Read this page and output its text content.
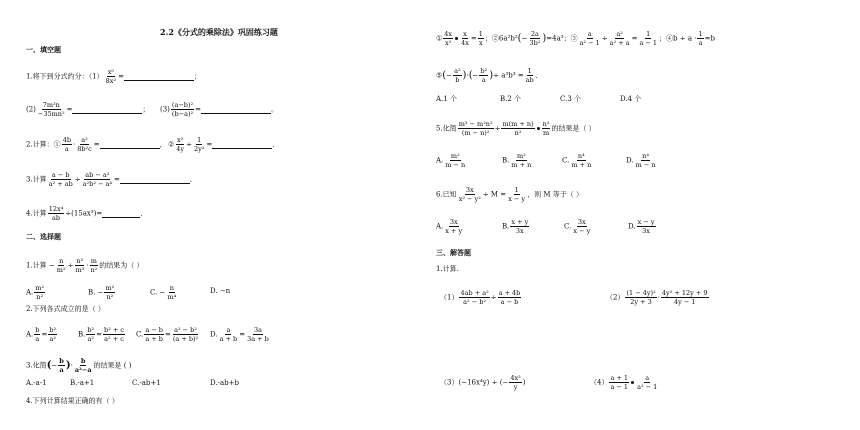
2.2《分式的乘除法》巩固练习题
一、填空题
1.将下到分式约分：$(1) \frac{\text{x⁵}}{\text{8x²}}$ =	；
$(2) \frac{\text{7m²n}}{\text{−35mn²}}$ =	； $(3) \frac{\text{(a−b)²}}{\text{(b−a)²}}$ =	。
2.计算：① $\frac{4b}{a} \cdot \frac{\text{a²}}{\text{8b²c}}$ =	， ② $\frac{\text{x²}}{4y} \div \frac{1}{\text{2y²}}$ =	．
3.计算 $\frac{a - b}{\text{a² + ab}} \div \frac{\text{ab − a²}}{\text{a²b² − a⁴}}$ =	．
4.计算 $\frac{\text{12x⁴}}{ab} \div(15ax^3)=$	．
二、选择题
1.计算 − $\frac{n}{\text{m²}} \div \frac{\text{n²}}{\text{m³}} \cdot \frac{m}{\text{n²}}$ 的结果为（ ）
A. $\frac{\text{m²}}{\text{n²}}$	B. − $\frac{\text{m²}}{\text{n²}}$	C. − $\frac{n}{\text{m⁴}}$	D. −n
2.下列各式成立的是（ ）
A. $\frac{b}{a} = \frac{\text{b²}}{\text{a²}}$	B. $\frac{\text{b²}}{\text{a²}} = \frac{\text{b² + c}}{\text{a² + c}} C$. $\frac{a - b}{a + b} = \frac{\text{a² − b²}}{\text{(a + b)²}} D$. $\frac{a}{a + b} = \frac{3a}{3a + b}$
3.化简(− $\frac{b}{a}$ )· $\frac{b}{\text{a²−a}}$ 的结果是 ( )
A.-a-1	B.-a+1	C.-ab+1	D.-ab+b
4.下列计算结果正确的有（ ）
① $\frac{4x}{\text{x²}} \frac{x}{4x} = \frac{1}{x}$ ；②6a²b²(− $\frac{2a}{\text{3b²}} )=4a^3$；③ $\frac{a}{\text{a² − 1}} \div \frac{\text{a²}}{\text{a² + a}} = \frac{1}{a - 1}$ ；④b ÷ $a \cdot \frac{1}{a} =b$
⑤(− $\frac{\text{a²}}{b}$ )·(− $\frac{\text{b²}}{a}$ )÷ $a^3b^3 = \frac{1}{ab}$ ．
A.1 个	B.2 个	C.3 个	D.4 个
5.化简 $\frac{\text{m³ − m²n²}}{\text{(m − n)²}} \div \frac{m(m + n)}{\text{n²}} \frac{\text{n²}}{m}$ 的结果是（ ）
A. $\frac{\text{m²}}{m - n}$	B. $\frac{\text{m²}}{m + n}$	C. $\frac{\text{n⁴}}{m + n}$	D. $\frac{\text{n⁴}}{m - n}$
6.已知 $\frac{3x}{\text{x² − y²}} \div M = \frac{1}{x - y}$ ，则 M 等于（ ）
A. $\frac{3x}{x + y}$	B. $\frac{x + y}{3x}$	C. $\frac{3x}{x - y}$	D. $\frac{x - y}{3x}$
三、解答题
1.计算.
$(1) \frac{\text{4ab + a²}}{\text{a² − b²}} \div \frac{a + 4b}{a - b}$	$(2) \frac{\text{(1 − 4y)²}}{2y + 3} \cdot \frac{\text{4y² + 12y + 9}}{4y - 1}$
（3）(−16x⁴y) ÷ (− $\frac{\text{4x²}}{y}$ )	$(4) \frac{a + 1}{a - 1} \frac{a}{\text{a² − 1}}$
